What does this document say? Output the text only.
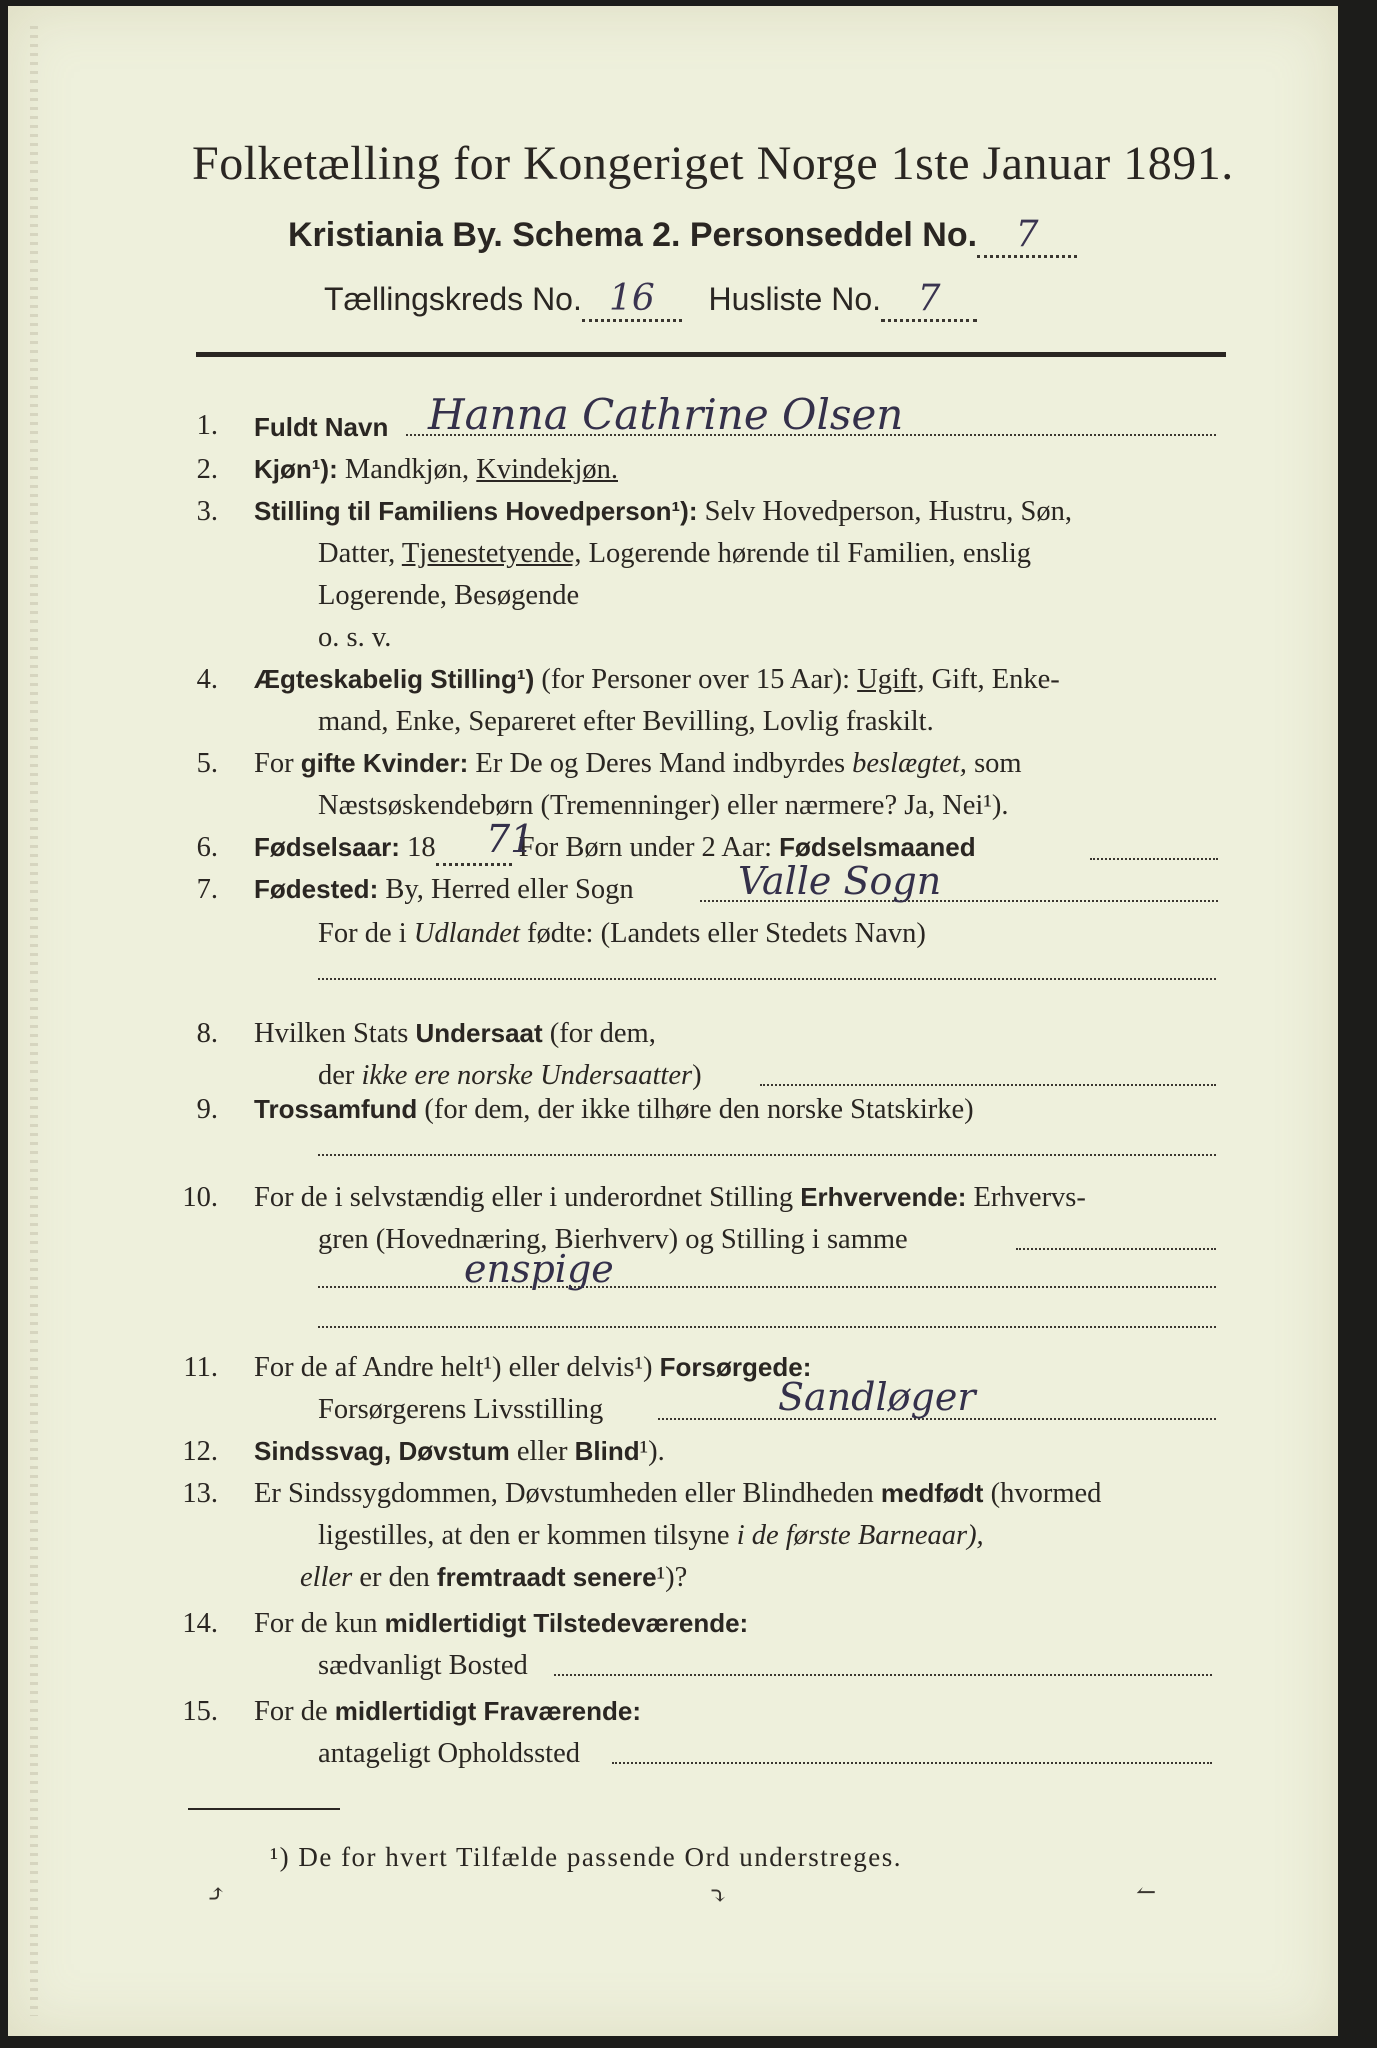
Folketælling for Kongeriget Norge 1ste Januar 1891.
Kristiania By. Schema 2. Personseddel No. 7
Tællingskreds No. 16 Husliste No. 7
1. Fuldt Navn Hanna Cathrine Olsen
2. Kjøn¹): Mandkjøn, Kvindekjøn.
3. Stilling til Familiens Hovedperson¹): Selv Hovedperson, Hustru, Søn,
Datter, Tjenestetyende, Logerende hørende til Familien, enslig
Logerende, Besøgende
o. s. v.
4. Ægteskabelig Stilling¹) (for Personer over 15 Aar): Ugift, Gift, Enke-
mand, Enke, Separeret efter Bevilling, Lovlig fraskilt.
5. For gifte Kvinder: Er De og Deres Mand indbyrdes beslægtet, som
Næstsøskendebørn (Tremenninger) eller nærmere? Ja, Nei¹).
6. Fødselsaar: 18	For Børn under 2 Aar: Fødselsmaaned
71
7. Fødested: By, Herred eller Sogn	Valle Sogn
For de i Udlandet fødte: (Landets eller Stedets Navn)
8. Hvilken Stats Undersaat (for dem,
der ikke ere norske Undersaatter)
9. Trossamfund (for dem, der ikke tilhøre den norske Statskirke)
10. For de i selvstændig eller i underordnet Stilling Erhvervende: Erhvervs-
gren (Hovednæring, Bierhverv) og Stilling i samme
enspige
11. For de af Andre helt¹) eller delvis¹) Forsørgede:
Forsørgerens Livsstilling	Sandløger
12. Sindssvag, Døvstum eller Blind¹).
13. Er Sindssygdommen, Døvstumheden eller Blindheden medfødt (hvormed
ligestilles, at den er kommen tilsyne i de første Barneaar),
eller er den fremtraadt senere¹)?
14. For de kun midlertidigt Tilstedeværende:
sædvanligt Bosted
15. For de midlertidigt Fraværende:
antageligt Opholdssted
¹) De for hvert Tilfælde passende Ord understreges.
⤴	⤵	↼
